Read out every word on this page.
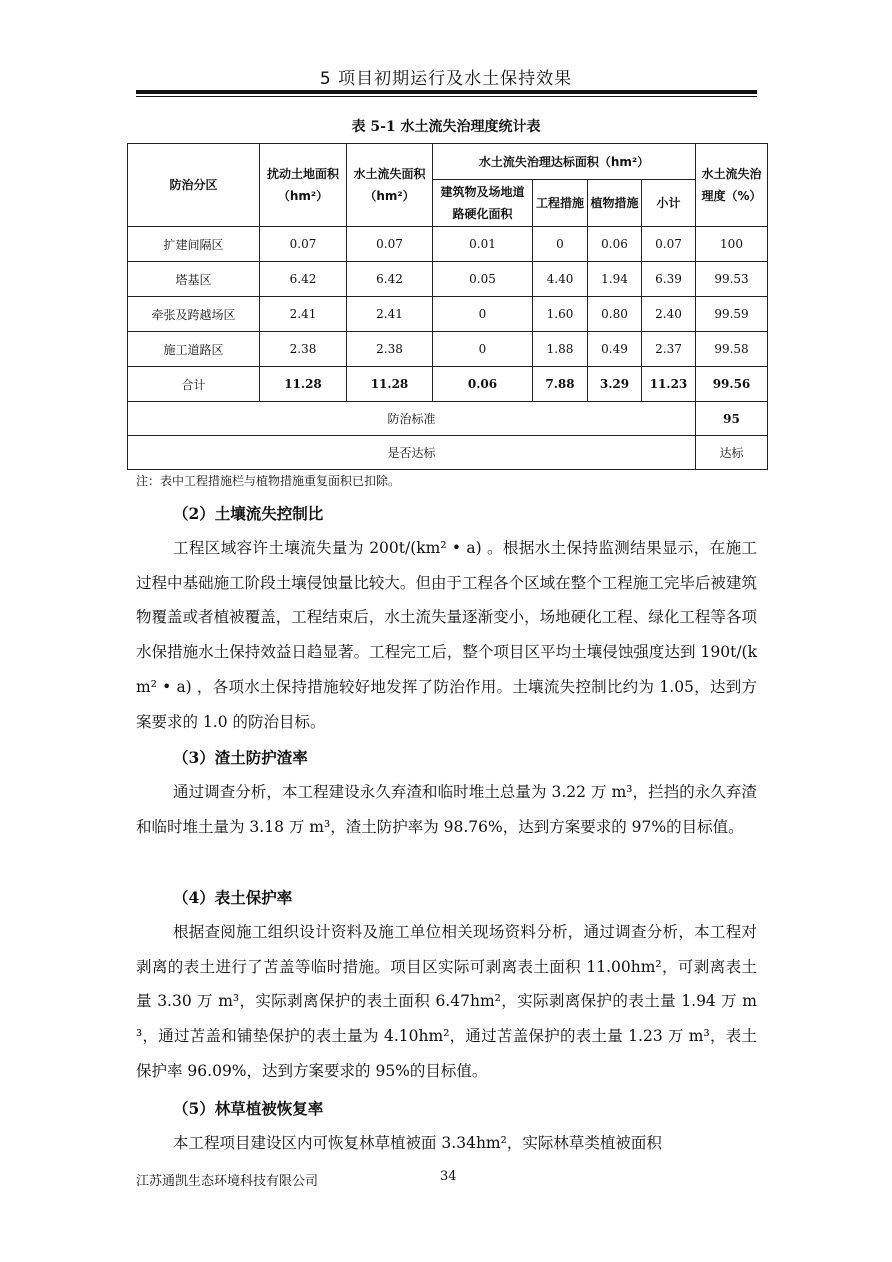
5 项目初期运行及水土保持效果
表 5-1 水土流失治理度统计表
防治分区	扰动土地面积（hm²）	水土流失面积（hm²）	水土流失治理达标面积（hm²）				水土流失治理度（%）
			建筑物及场地道路硬化面积	工程措施	植物措施	小计	
扩建间隔区	0.07	0.07	0.01	0	0.06	0.07	100
塔基区	6.42	6.42	0.05	4.40	1.94	6.39	99.53
牵张及跨越场区	2.41	2.41	0	1.60	0.80	2.40	99.59
施工道路区	2.38	2.38	0	1.88	0.49	2.37	99.58
合计	11.28	11.28	0.06	7.88	3.29	11.23	99.56
防治标准							95
是否达标							达标
注：表中工程措施栏与植物措施重复面积已扣除。
（2）土壤流失控制比
工程区域容许土壤流失量为 200t/(km² • a) 。根据水土保持监测结果显示，在施工过程中基础施工阶段土壤侵蚀量比较大。但由于工程各个区域在整个工程施工完毕后被建筑物覆盖或者植被覆盖，工程结束后，水土流失量逐渐变小，场地硬化工程、绿化工程等各项水保措施水土保持效益日趋显著。工程完工后，整个项目区平均土壤侵蚀强度达到 190t/(km² • a) ，各项水土保持措施较好地发挥了防治作用。土壤流失控制比约为 1.05，达到方案要求的 1.0 的防治目标。
（3）渣土防护渣率
通过调查分析，本工程建设永久弃渣和临时堆土总量为 3.22 万 m³，拦挡的永久弃渣和临时堆土量为 3.18 万 m³，渣土防护率为 98.76%，达到方案要求的 97%的目标值。
（4）表土保护率
根据查阅施工组织设计资料及施工单位相关现场资料分析，通过调查分析，本工程对剥离的表土进行了苫盖等临时措施。项目区实际可剥离表土面积 11.00hm²，可剥离表土量 3.30 万 m³，实际剥离保护的表土面积 6.47hm²，实际剥离保护的表土量 1.94 万 m³，通过苫盖和铺垫保护的表土量为 4.10hm²，通过苫盖保护的表土量 1.23 万 m³，表土保护率 96.09%，达到方案要求的 95%的目标值。
（5）林草植被恢复率
本工程项目建设区内可恢复林草植被面 3.34hm²，实际林草类植被面积
江苏通凯生态环境科技有限公司	34
